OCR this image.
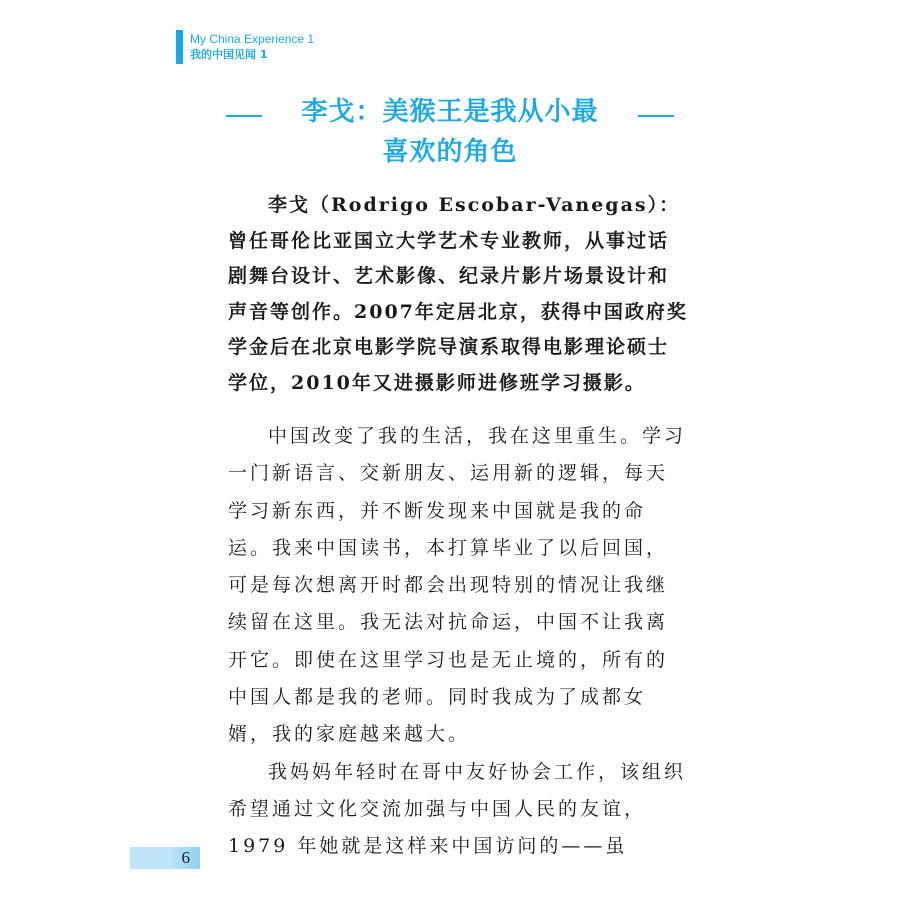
My China Experience 1
我的中国见闻 1
李戈：美猴王是我从小最
喜欢的角色

李戈（Rodrigo Escobar-Vanegas）：曾任哥伦比亚国立大学艺术专业教师，从事过话剧舞台设计、艺术影像、纪录片影片场景设计和声音等创作。2007年定居北京，获得中国政府奖学金后在北京电影学院导演系取得电影理论硕士学位，2010年又进摄影师进修班学习摄影。

中国改变了我的生活，我在这里重生。学习一门新语言、交新朋友、运用新的逻辑，每天学习新东西，并不断发现来中国就是我的命运。我来中国读书，本打算毕业了以后回国，可是每次想离开时都会出现特别的情况让我继续留在这里。我无法对抗命运，中国不让我离开它。即使在这里学习也是无止境的，所有的中国人都是我的老师。同时我成为了成都女婿，我的家庭越来越大。

我妈妈年轻时在哥中友好协会工作，该组织希望通过文化交流加强与中国人民的友谊，1979 年她就是这样来中国访问的——虽

6
